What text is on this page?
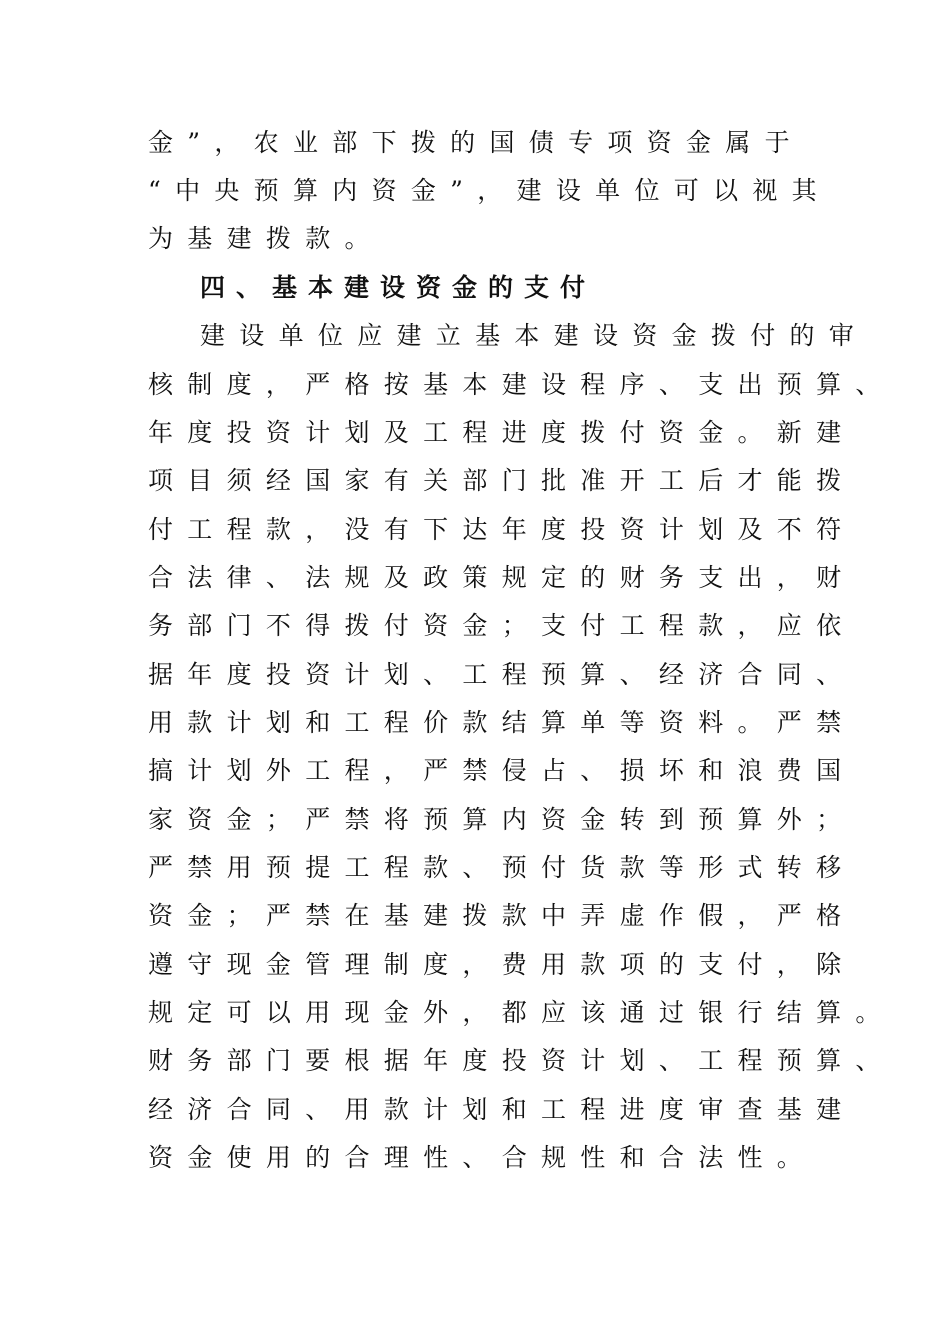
金”，农业部下拨的国债专项资金属于
“中央预算内资金”，建设单位可以视其
为基建拨款。
四、基本建设资金的支付
建设单位应建立基本建设资金拨付的审
核制度，严格按基本建设程序、支出预算、
年度投资计划及工程进度拨付资金。新建
项目须经国家有关部门批准开工后才能拨
付工程款，没有下达年度投资计划及不符
合法律、法规及政策规定的财务支出，财
务部门不得拨付资金；支付工程款，应依
据年度投资计划、工程预算、经济合同、
用款计划和工程价款结算单等资料。严禁
搞计划外工程，严禁侵占、损坏和浪费国
家资金；严禁将预算内资金转到预算外；
严禁用预提工程款、预付货款等形式转移
资金；严禁在基建拨款中弄虚作假，严格
遵守现金管理制度，费用款项的支付，除
规定可以用现金外，都应该通过银行结算。
财务部门要根据年度投资计划、工程预算、
经济合同、用款计划和工程进度审查基建
资金使用的合理性、合规性和合法性。
